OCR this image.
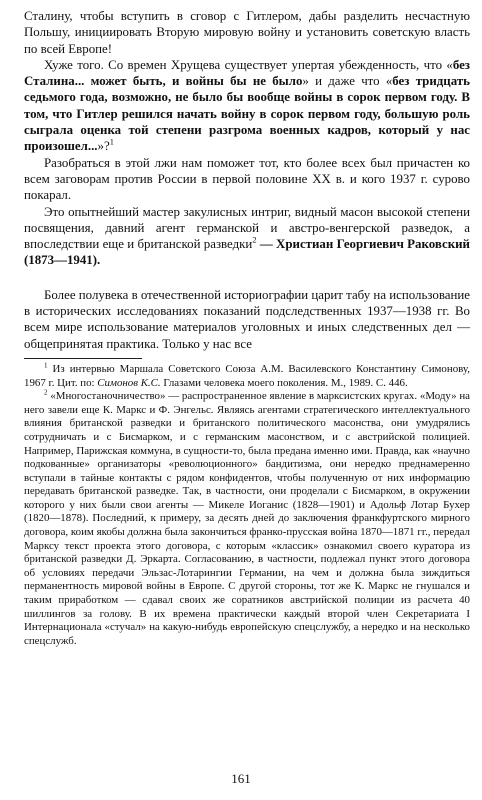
Сталину, чтобы вступить в сговор с Гитлером, дабы разделить несчастную Польшу, инициировать Вторую мировую войну и установить советскую власть по всей Европе!

Хуже того. Со времен Хрущева существует упертая убежденность, что «без Сталина... может быть, и войны бы не было» и даже что «без тридцать седьмого года, возможно, не было бы вообще войны в сорок первом году. В том, что Гитлер решился начать войну в сорок первом году, большую роль сыграла оценка той степени разгрома военных кадров, который у нас произошел...»?$^1$

Разобраться в этой лжи нам поможет тот, кто более всех был причастен ко всем заговорам против России в первой половине XX в. и кого 1937 г. сурово покарал.

Это опытнейший мастер закулисных интриг, видный масон высокой степени посвящения, давний агент германской и австро-венгерской разведок, а впоследствии еще и британской разведки$^2$ — Христиан Георгиевич Раковский (1873—1941).

Более полувека в отечественной историографии царит табу на использование в исторических исследованиях показаний подследственных 1937—1938 гг. Во всем мире использование материалов уголовных и иных следственных дел — общепринятая практика. Только у нас все

$^1$ Из интервью Маршала Советского Союза А.М. Василевского Константину Симонову, 1967 г. Цит. по: Симонов К.С. Глазами человека моего поколения. М., 1989. С. 446.

$^2$ «Многостаночничество» — распространенное явление в марксистских кругах. «Моду» на него завели еще К. Маркс и Ф. Энгельс. Являясь агентами стратегического интеллектуального влияния британской разведки и британского политического масонства, они умудрялись сотрудничать и с Бисмарком, и с германским масонством, и с австрийской полицией. Например, Парижская коммуна, в сущности-то, была предана именно ими. Правда, как «научно подкованные» организаторы «революционного» бандитизма, они нередко преднамеренно вступали в тайные контакты с рядом конфидентов, чтобы полученную от них информацию передавать британской разведке. Так, в частности, они проделали с Бисмарком, в окружении которого у них были свои агенты — Микеле Иоганис (1828—1901) и Адольф Лотар Бухер (1820—1878). Последний, к примеру, за десять дней до заключения франкфуртского мирного договора, коим якобы должна была закончиться франко-прусская война 1870—1871 гг., передал Марксу текст проекта этого договора, с которым «классик» ознакомил своего куратора из британской разведки Д. Эркарта. Согласованию, в частности, подлежал пункт этого договора об условиях передачи Эльзас-Лотарингии Германии, на чем и должна была зиждиться перманентность мировой войны в Европе. С другой стороны, тот же К. Маркс не гнушался и таким приработком — сдавал своих же соратников австрийской полиции из расчета 40 шиллингов за голову. В их времена практически каждый второй член Секретариата I Интернационала «стучал» на какую-нибудь европейскую спецслужбу, а нередко и на несколько спецслужб.

161
